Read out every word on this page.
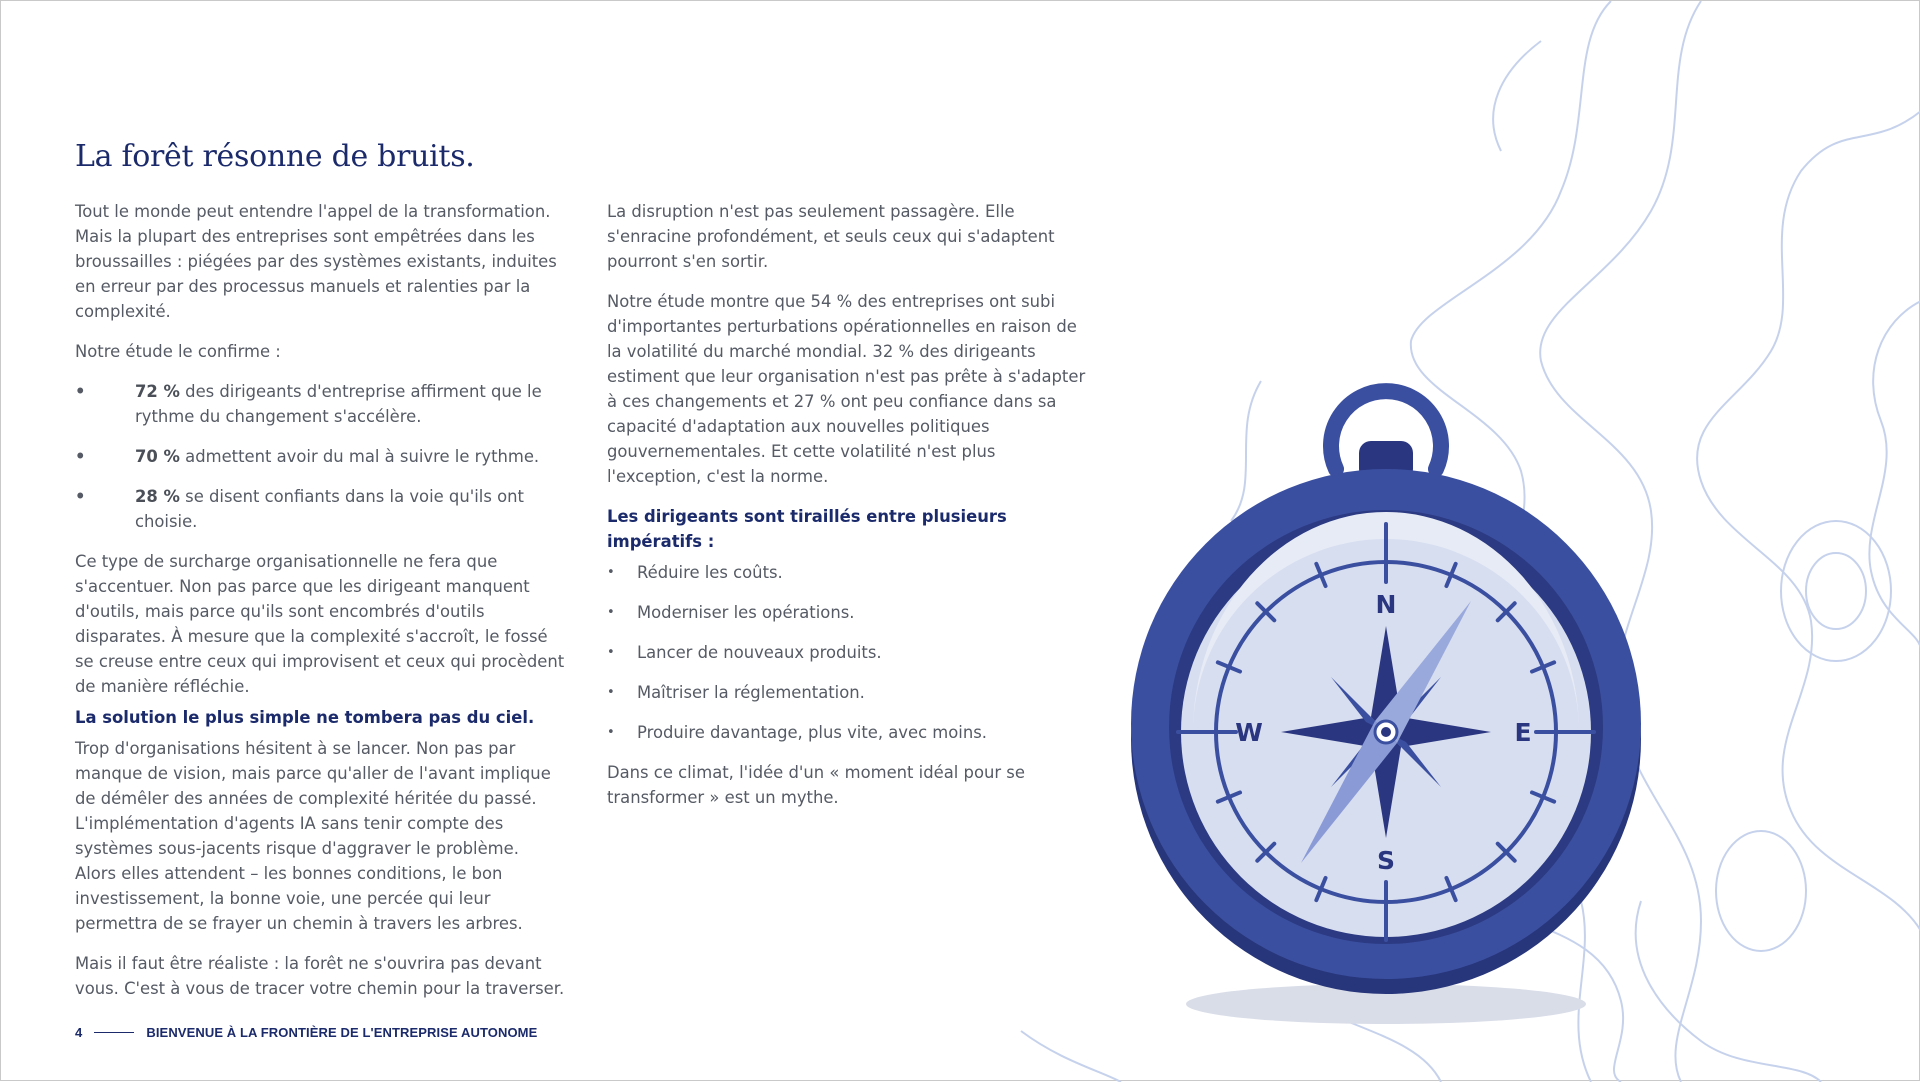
N
S
W	E
La forêt résonne de bruits.

Tout le monde peut entendre l'appel de la transformation. Mais la plupart des entreprises sont empêtrées dans les broussailles : piégées par des systèmes existants, induites en erreur par des processus manuels et ralenties par la complexité.

Notre étude le confirme :

• 72 % des dirigeants d'entreprise affirment que le rythme du changement s'accélère.
• 70 % admettent avoir du mal à suivre le rythme.
• 28 % se disent confiants dans la voie qu'ils ont choisie.

Ce type de surcharge organisationnelle ne fera que s'accentuer. Non pas parce que les dirigeant manquent d'outils, mais parce qu'ils sont encombrés d'outils disparates. À mesure que la complexité s'accroît, le fossé se creuse entre ceux qui improvisent et ceux qui procèdent de manière réfléchie.

La solution le plus simple ne tombera pas du ciel.

Trop d'organisations hésitent à se lancer. Non pas par manque de vision, mais parce qu'aller de l'avant implique de démêler des années de complexité héritée du passé. L'implémentation d'agents IA sans tenir compte des systèmes sous-jacents risque d'aggraver le problème. Alors elles attendent – les bonnes conditions, le bon investissement, la bonne voie, une percée qui leur permettra de se frayer un chemin à travers les arbres.

Mais il faut être réaliste : la forêt ne s'ouvrira pas devant vous. C'est à vous de tracer votre chemin pour la traverser.

La disruption n'est pas seulement passagère. Elle s'enracine profondément, et seuls ceux qui s'adaptent pourront s'en sortir.

Notre étude montre que 54 % des entreprises ont subi d'importantes perturbations opérationnelles en raison de la volatilité du marché mondial. 32 % des dirigeants estiment que leur organisation n'est pas prête à s'adapter à ces changements et 27 % ont peu confiance dans sa capacité d'adaptation aux nouvelles politiques gouvernementales. Et cette volatilité n'est plus l'exception, c'est la norme.

Les dirigeants sont tiraillés entre plusieurs impératifs :

• Réduire les coûts.
• Moderniser les opérations.
• Lancer de nouveaux produits.
• Maîtriser la réglementation.
• Produire davantage, plus vite, avec moins.

Dans ce climat, l'idée d'un « moment idéal pour se transformer » est un mythe.

4	BIENVENUE À LA FRONTIÈRE DE L'ENTREPRISE AUTONOME
